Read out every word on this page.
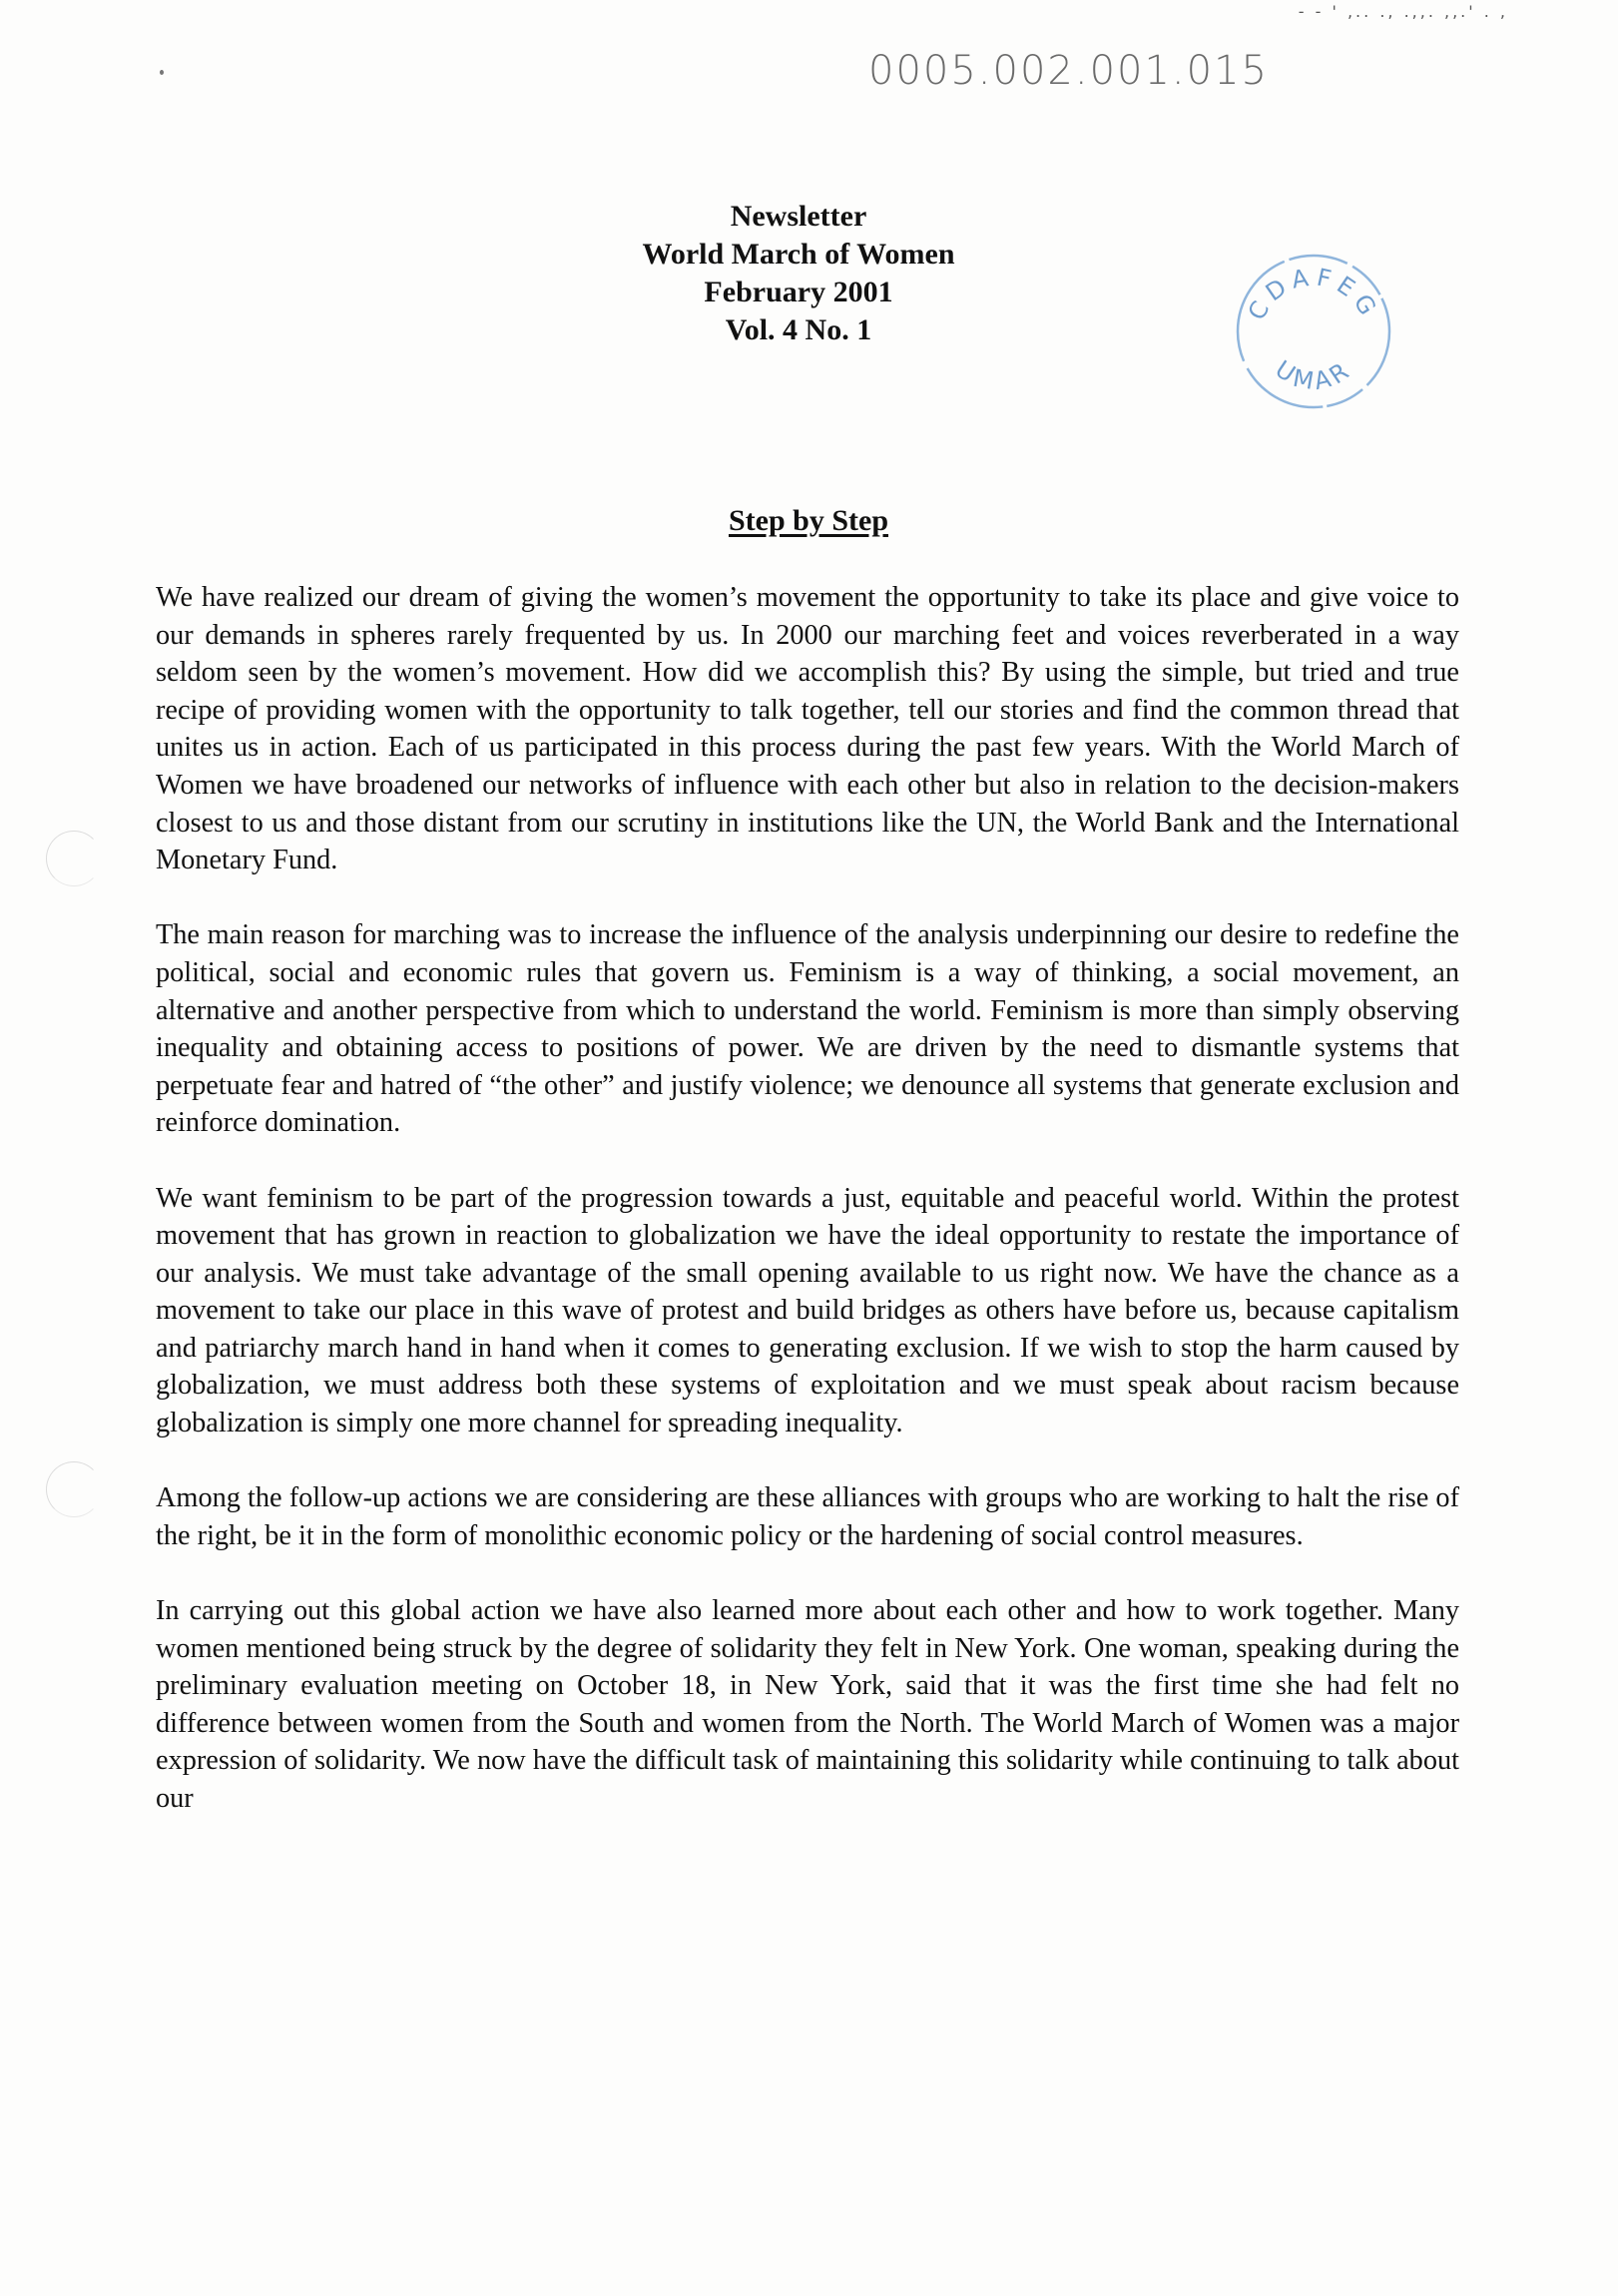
- - ' ,.. ., .,,. ,,.' . ,
0005.002.001.015
Newsletter
World March of Women
February 2001
Vol. 4 No. 1
CDAFEG
UMAR
Step by Step

We have realized our dream of giving the women’s movement the opportunity to take its place and give voice to our demands in spheres rarely frequented by us. In 2000 our marching feet and voices reverberated in a way seldom seen by the women’s movement. How did we accomplish this? By using the simple, but tried and true recipe of providing women with the opportunity to talk together, tell our stories and find the common thread that unites us in action. Each of us participated in this process during the past few years. With the World March of Women we have broadened our networks of influence with each other but also in relation to the decision-makers closest to us and those distant from our scrutiny in institutions like the UN, the World Bank and the International Monetary Fund.

The main reason for marching was to increase the influence of the analysis underpinning our desire to redefine the political, social and economic rules that govern us. Feminism is a way of thinking, a social movement, an alternative and another perspective from which to understand the world. Feminism is more than simply observing inequality and obtaining access to positions of power. We are driven by the need to dismantle systems that perpetuate fear and hatred of “the other” and justify violence; we denounce all systems that generate exclusion and reinforce domination.

We want feminism to be part of the progression towards a just, equitable and peaceful world. Within the protest movement that has grown in reaction to globalization we have the ideal opportunity to restate the importance of our analysis. We must take advantage of the small opening available to us right now. We have the chance as a movement to take our place in this wave of protest and build bridges as others have before us, because capitalism and patriarchy march hand in hand when it comes to generating exclusion. If we wish to stop the harm caused by globalization, we must address both these systems of exploitation and we must speak about racism because globalization is simply one more channel for spreading inequality.

Among the follow-up actions we are considering are these alliances with groups who are working to halt the rise of the right, be it in the form of monolithic economic policy or the hardening of social control measures.

In carrying out this global action we have also learned more about each other and how to work together. Many women mentioned being struck by the degree of solidarity they felt in New York. One woman, speaking during the preliminary evaluation meeting on October 18, in New York, said that it was the first time she had felt no difference between women from the South and women from the North. The World March of Women was a major expression of solidarity. We now have the difficult task of maintaining this solidarity while continuing to talk about our
